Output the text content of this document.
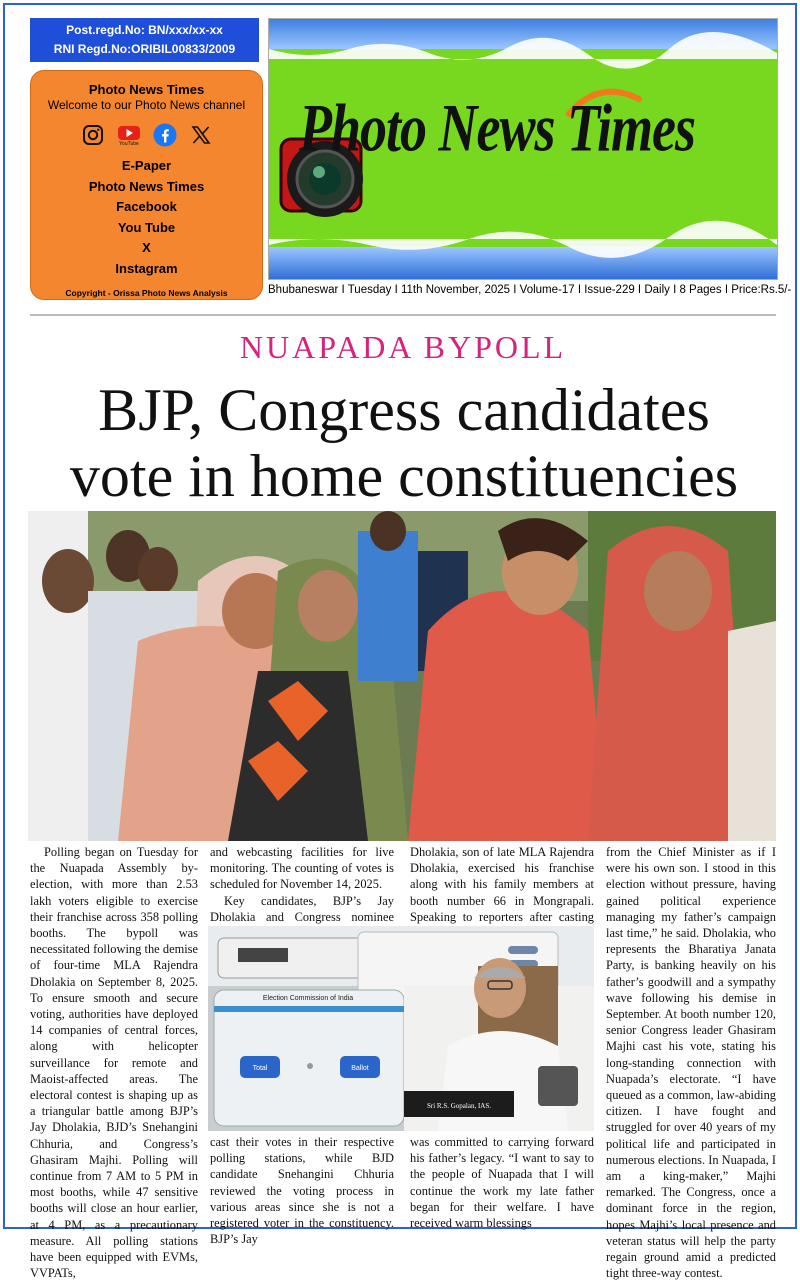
Post.regd.No: BN/xxx/xx-xx
RNI Regd.No:ORIBIL00833/2009
Photo News Times
Welcome to our Photo News channel
YouTube
E-Paper
Photo News Times
Facebook
You Tube
X
Instagram
Copyright - Orissa Photo News Analysis
Photo News Times
Bhubaneswar I Tuesday I 11th November, 2025 I Volume-17 I Issue-229 I Daily I 8 Pages I Price:Rs.5/-
NUAPADA BYPOLL
BJP, Congress candidates
vote in home constituencies

Polling began on Tuesday for the Nuapada Assembly by-election, with more than 2.53 lakh voters eligible to exercise their franchise across 358 polling booths. The bypoll was necessitated following the demise of four-time MLA Rajendra Dholakia on September 8, 2025. To ensure smooth and secure voting, authorities have deployed 14 companies of central forces, along with helicopter surveillance for remote and Maoist-affected areas. The electoral contest is shaping up as a triangular battle among BJP’s Jay Dholakia, BJD’s Snehangini Chhuria, and Congress’s Ghasiram Majhi. Polling will continue from 7 AM to 5 PM in most booths, while 47 sensitive booths will close an hour earlier, at 4 PM, as a precautionary measure. All polling stations have been equipped with EVMs, VVPATs,

and webcasting facilities for live monitoring. The counting of votes is scheduled for November 14, 2025.

Key candidates, BJP’s Jay Dholakia and Congress nominee

Dholakia, son of late MLA Rajendra Dholakia, exercised his franchise along with his family members at booth number 66 in Mongrapali. Speaking to reporters after casting

Election Commission of India
Total	Ballot
Sri R.S. Gopalan, IAS.

cast their votes in their respective polling stations, while BJD candidate Snehangini Chhuria reviewed the voting process in various areas since she is not a registered voter in the constituency. BJP’s Jay

was committed to carrying forward his father’s legacy. “I want to say to the people of Nuapada that I will continue the work my late father began for their welfare. I have received warm blessings

from the Chief Minister as if I were his own son. I stood in this election without pressure, having gained political experience managing my father’s campaign last time,” he said. Dholakia, who represents the Bharatiya Janata Party, is banking heavily on his father’s goodwill and a sympathy wave following his demise in September. At booth number 120, senior Congress leader Ghasiram Majhi cast his vote, stating his long-standing connection with Nuapada’s electorate. “I have queued as a common, law-abiding citizen. I have fought and struggled for over 40 years of my political life and participated in numerous elections. In Nuapada, I am a king-maker,” Majhi remarked. The Congress, once a dominant force in the region, hopes Majhi’s local presence and veteran status will help the party regain ground amid a predicted tight three-way contest.
